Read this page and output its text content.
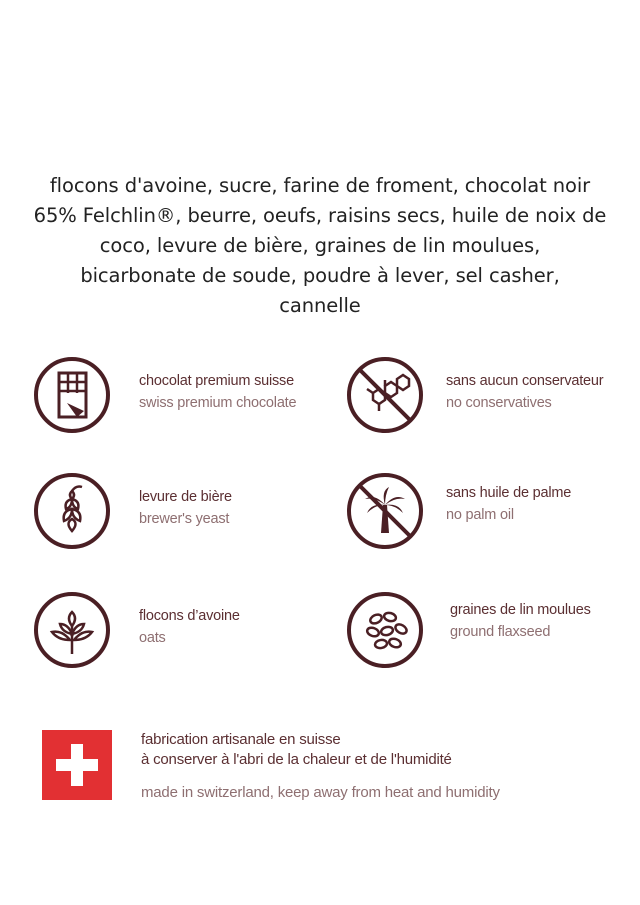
flocons d'avoine, sucre, farine de froment, chocolat noir
65% Felchlin®, beurre, oeufs, raisins secs, huile de noix de
coco, levure de bière, graines de lin moulues,
bicarbonate de soude, poudre à lever, sel casher,
cannelle
chocolat premium suisse
swiss premium chocolate
sans aucun conservateur
no conservatives
levure de bière
brewer's yeast
sans huile de palme
no palm oil
flocons d’avoine
oats
graines de lin moulues
ground flaxseed
fabrication artisanale en suisse
à conserver à l'abri de la chaleur et de l'humidité
made in switzerland, keep away from heat and humidity
